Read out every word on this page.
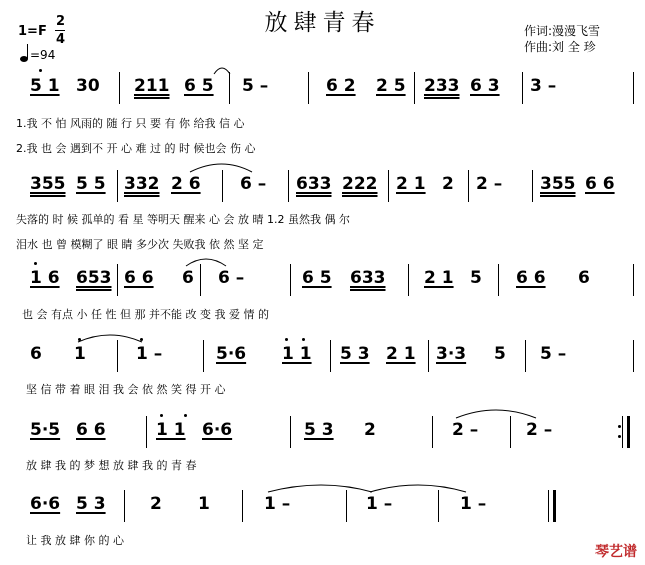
放肆青春	作词:漫漫飞雪
作曲:刘 全 珍
1=F
2
4
=94
5 1 30 211 6 5 5 –	6 2 2 5 233 6 3 3 –
1.我 不 怕 风雨的 随 行 只 要 有 你 给我 信 心
2.我 也 会 遇到不 开 心 难 过 的 时 候也会 伤 心
355 5 5 332 2 6 6 – 633 222 2 1 2 2 – 355 6 6
失落的 时 候 孤单的 看 星 等明天 醒来 心 会 放 晴 1.2 虽然我 偶 尔
泪水 也 曾 模糊了 眼 睛 多少次 失败我 依 然 坚 定
1 6 653 6 6 6 6 –	6 5 633 2 1 5 6 6 6
也 会 有点 小 任 性 但 那 并不能 改 变 我 爱 情 的
6 1	1 –	5·6 1 1 5 3 2 1 3·3 5 5 –
坚 信 带 着 眼 泪 我 会 依 然 笑 得 开 心
5·5 6 6	1 1 6·6	5 3 2	2 –	2 –
放 肆 我 的 梦 想 放 肆 我 的 青 春
6·6 5 3	2 1	1 –	1 –	1 –
让 我 放 肆 你 的 心
琴艺谱
